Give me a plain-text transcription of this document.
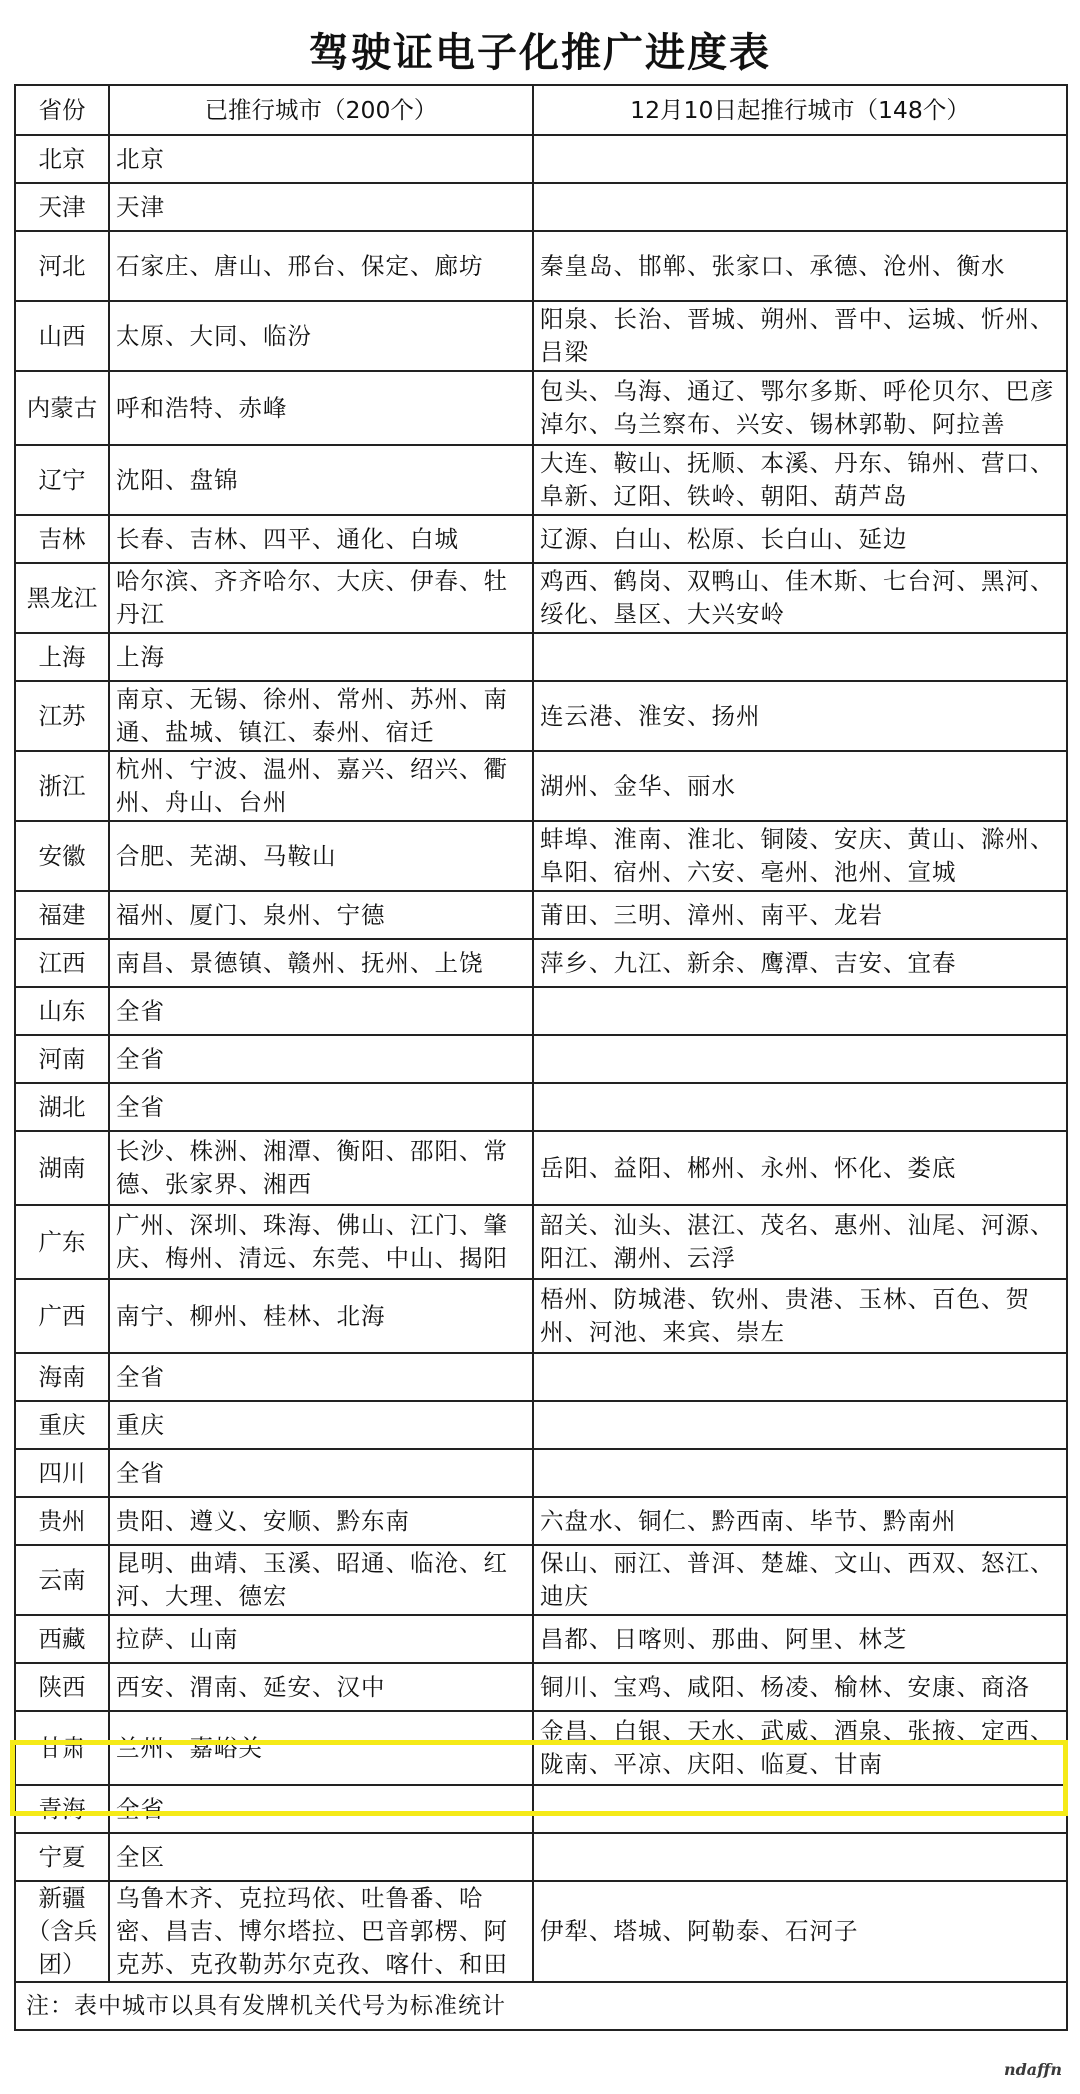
驾驶证电子化推广进度表
省份	已推行城市（200个）	12月10日起推行城市（148个）
北京	北京	
天津	天津	
河北	石家庄、唐山、邢台、保定、廊坊	秦皇岛、邯郸、张家口、承德、沧州、衡水
山西	太原、大同、临汾	阳泉、长治、晋城、朔州、晋中、运城、忻州、吕梁
内蒙古	呼和浩特、赤峰	包头、乌海、通辽、鄂尔多斯、呼伦贝尔、巴彦淖尔、乌兰察布、兴安、锡林郭勒、阿拉善
辽宁	沈阳、盘锦	大连、鞍山、抚顺、本溪、丹东、锦州、营口、阜新、辽阳、铁岭、朝阳、葫芦岛
吉林	长春、吉林、四平、通化、白城	辽源、白山、松原、长白山、延边
黑龙江	哈尔滨、齐齐哈尔、大庆、伊春、牡丹江	鸡西、鹤岗、双鸭山、佳木斯、七台河、黑河、绥化、垦区、大兴安岭
上海	上海	
江苏	南京、无锡、徐州、常州、苏州、南通、盐城、镇江、泰州、宿迁	连云港、淮安、扬州
浙江	杭州、宁波、温州、嘉兴、绍兴、衢州、舟山、台州	湖州、金华、丽水
安徽	合肥、芜湖、马鞍山	蚌埠、淮南、淮北、铜陵、安庆、黄山、滁州、阜阳、宿州、六安、亳州、池州、宣城
福建	福州、厦门、泉州、宁德	莆田、三明、漳州、南平、龙岩
江西	南昌、景德镇、赣州、抚州、上饶	萍乡、九江、新余、鹰潭、吉安、宜春
山东	全省	
河南	全省	
湖北	全省	
湖南	长沙、株洲、湘潭、衡阳、邵阳、常德、张家界、湘西	岳阳、益阳、郴州、永州、怀化、娄底
广东	广州、深圳、珠海、佛山、江门、肇庆、梅州、清远、东莞、中山、揭阳	韶关、汕头、湛江、茂名、惠州、汕尾、河源、阳江、潮州、云浮
广西	南宁、柳州、桂林、北海	梧州、防城港、钦州、贵港、玉林、百色、贺州、河池、来宾、崇左
海南	全省	
重庆	重庆	
四川	全省	
贵州	贵阳、遵义、安顺、黔东南	六盘水、铜仁、黔西南、毕节、黔南州
云南	昆明、曲靖、玉溪、昭通、临沧、红河、大理、德宏	保山、丽江、普洱、楚雄、文山、西双、怒江、迪庆
西藏	拉萨、山南	昌都、日喀则、那曲、阿里、林芝
陕西	西安、渭南、延安、汉中	铜川、宝鸡、咸阳、杨凌、榆林、安康、商洛
甘肃	兰州、嘉峪关	金昌、白银、天水、武威、酒泉、张掖、定西、陇南、平凉、庆阳、临夏、甘南
青海	全省	
宁夏	全区	
新疆（含兵团）	乌鲁木齐、克拉玛依、吐鲁番、哈密、昌吉、博尔塔拉、巴音郭楞、阿克苏、克孜勒苏尔克孜、喀什、和田	伊犁、塔城、阿勒泰、石河子
注：表中城市以具有发牌机关代号为标准统计		
ndaffn
